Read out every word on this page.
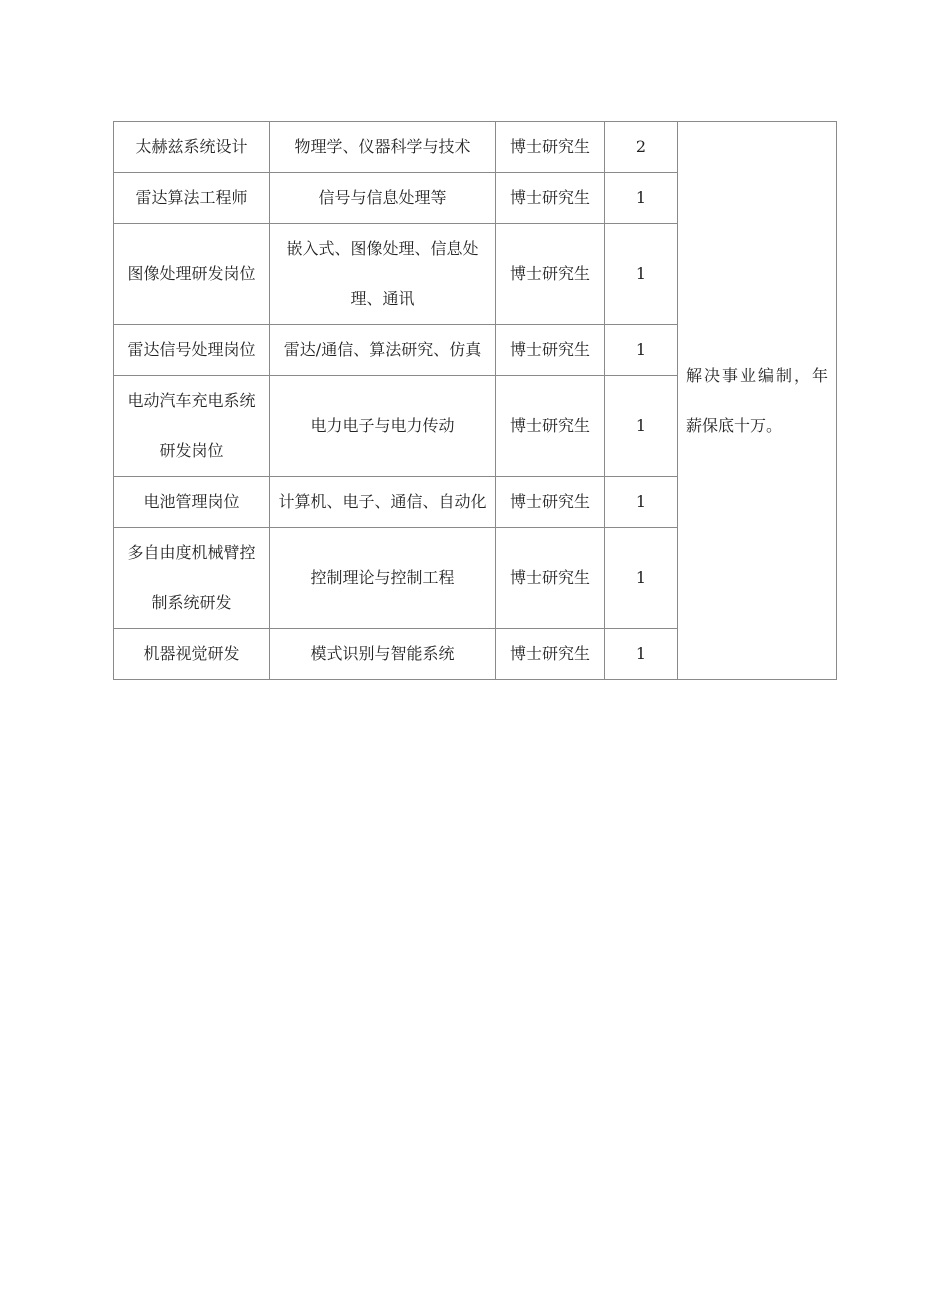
太赫兹系统设计	物理学、仪器科学与技术	博士研究生	2	解决事业编制，年薪保底十万。
雷达算法工程师	信号与信息处理等	博士研究生	1	
图像处理研发岗位	嵌入式、图像处理、信息处理、通讯	博士研究生	1	
雷达信号处理岗位	雷达/通信、算法研究、仿真	博士研究生	1	
电动汽车充电系统研发岗位	电力电子与电力传动	博士研究生	1	
电池管理岗位	计算机、电子、通信、自动化	博士研究生	1	
多自由度机械臂控制系统研发	控制理论与控制工程	博士研究生	1	
机器视觉研发	模式识别与智能系统	博士研究生	1	
